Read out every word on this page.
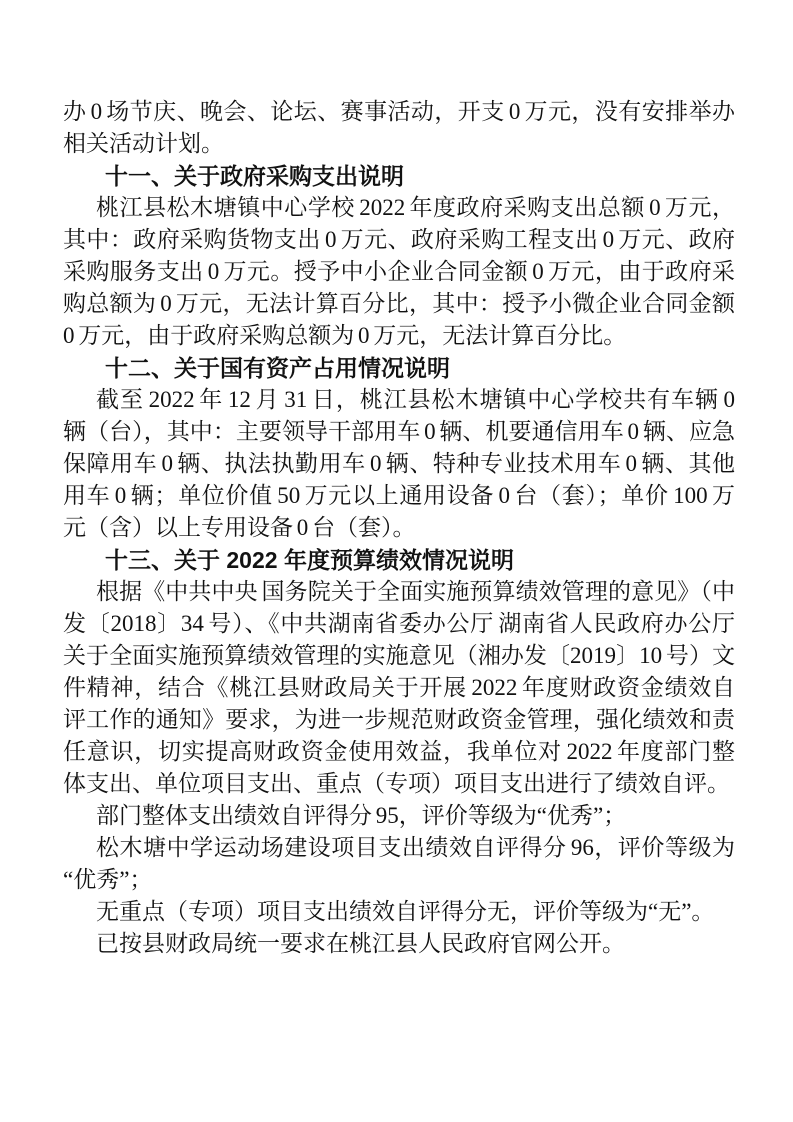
办 0 场节庆、晚会、论坛、赛事活动，开支 0 万元，没有安排举办相关活动计划。

十一、关于政府采购支出说明

桃江县松木塘镇中心学校 2022 年度政府采购支出总额 0 万元，其中：政府采购货物支出 0 万元、政府采购工程支出 0 万元、政府采购服务支出 0 万元。授予中小企业合同金额 0 万元，由于政府采购总额为 0 万元，无法计算百分比，其中：授予小微企业合同金额 0 万元，由于政府采购总额为 0 万元，无法计算百分比。

十二、关于国有资产占用情况说明

截至 2022 年 12 月 31 日，桃江县松木塘镇中心学校共有车辆 0 辆（台），其中：主要领导干部用车 0 辆、机要通信用车 0 辆、应急保障用车 0 辆、执法执勤用车 0 辆、特种专业技术用车 0 辆、其他用车 0 辆；单位价值 50 万元以上通用设备 0 台（套）；单价 100 万元（含）以上专用设备 0 台（套）。

十三、关于 2022 年度预算绩效情况说明

根据《中共中央 国务院关于全面实施预算绩效管理的意见》（中发〔2018〕34 号）、《中共湖南省委办公厅 湖南省人民政府办公厅关于全面实施预算绩效管理的实施意见（湘办发〔2019〕10 号）文件精神，结合《桃江县财政局关于开展 2022 年度财政资金绩效自评工作的通知》要求，为进一步规范财政资金管理，强化绩效和责任意识，切实提高财政资金使用效益，我单位对 2022 年度部门整体支出、单位项目支出、重点（专项）项目支出进行了绩效自评。

部门整体支出绩效自评得分 95，评价等级为“优秀”；

松木塘中学运动场建设项目支出绩效自评得分 96，评价等级为“优秀”；

无重点（专项）项目支出绩效自评得分无，评价等级为“无”。

已按县财政局统一要求在桃江县人民政府官网公开。
